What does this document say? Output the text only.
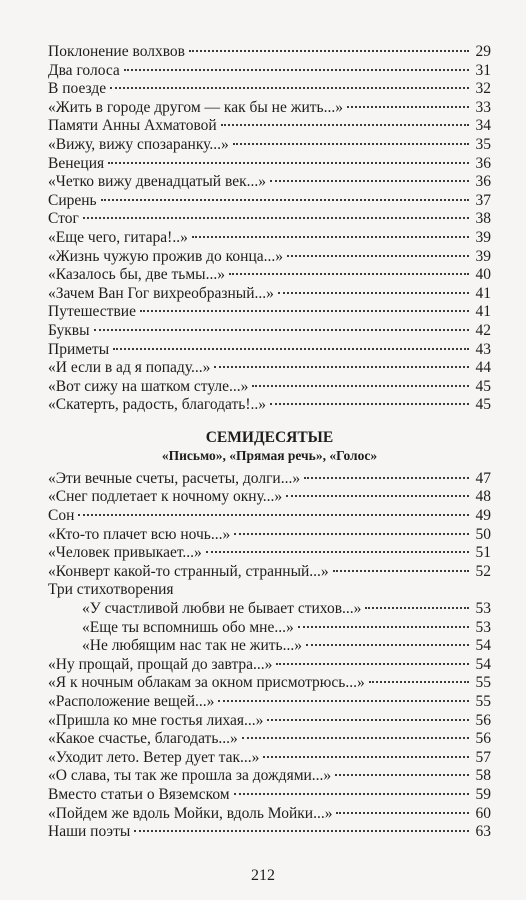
Поклонение волхвов	29
Два голоса	31
В поезде	32
«Жить в городе другом — как бы не жить...»	33
Памяти Анны Ахматовой	34
«Вижу, вижу спозаранку...»	35
Венеция	36
«Четко вижу двенадцатый век...»	36
Сирень	37
Стог	38
«Еще чего, гитара!..»	39
«Жизнь чужую прожив до конца...»	39
«Казалось бы, две тьмы...»	40
«Зачем Ван Гог вихреобразный...»	41
Путешествие	41
Буквы	42
Приметы	43
«И если в ад я попаду...»	44
«Вот сижу на шатком стуле...»	45
«Скатерть, радость, благодать!..»	45
СЕМИДЕСЯТЫЕ
«Письмо», «Прямая речь», «Голос»
«Эти вечные счеты, расчеты, долги...»	47
«Снег подлетает к ночному окну...»	48
Сон	49
«Кто-то плачет всю ночь...»	50
«Человек привыкает...»	51
«Конверт какой-то странный, странный...»	52
Три стихотворения
«У счастливой любви не бывает стихов...»	53
«Еще ты вспомнишь обо мне...»	53
«Не любящим нас так не жить...»	54
«Ну прощай, прощай до завтра...»	54
«Я к ночным облакам за окном присмотрюсь...»	55
«Расположение вещей...»	55
«Пришла ко мне гостья лихая...»	56
«Какое счастье, благодать...»	56
«Уходит лето. Ветер дует так...»	57
«О слава, ты так же прошла за дождями...»	58
Вместо статьи о Вяземском	59
«Пойдем же вдоль Мойки, вдоль Мойки...»	60
Наши поэты	63
212
